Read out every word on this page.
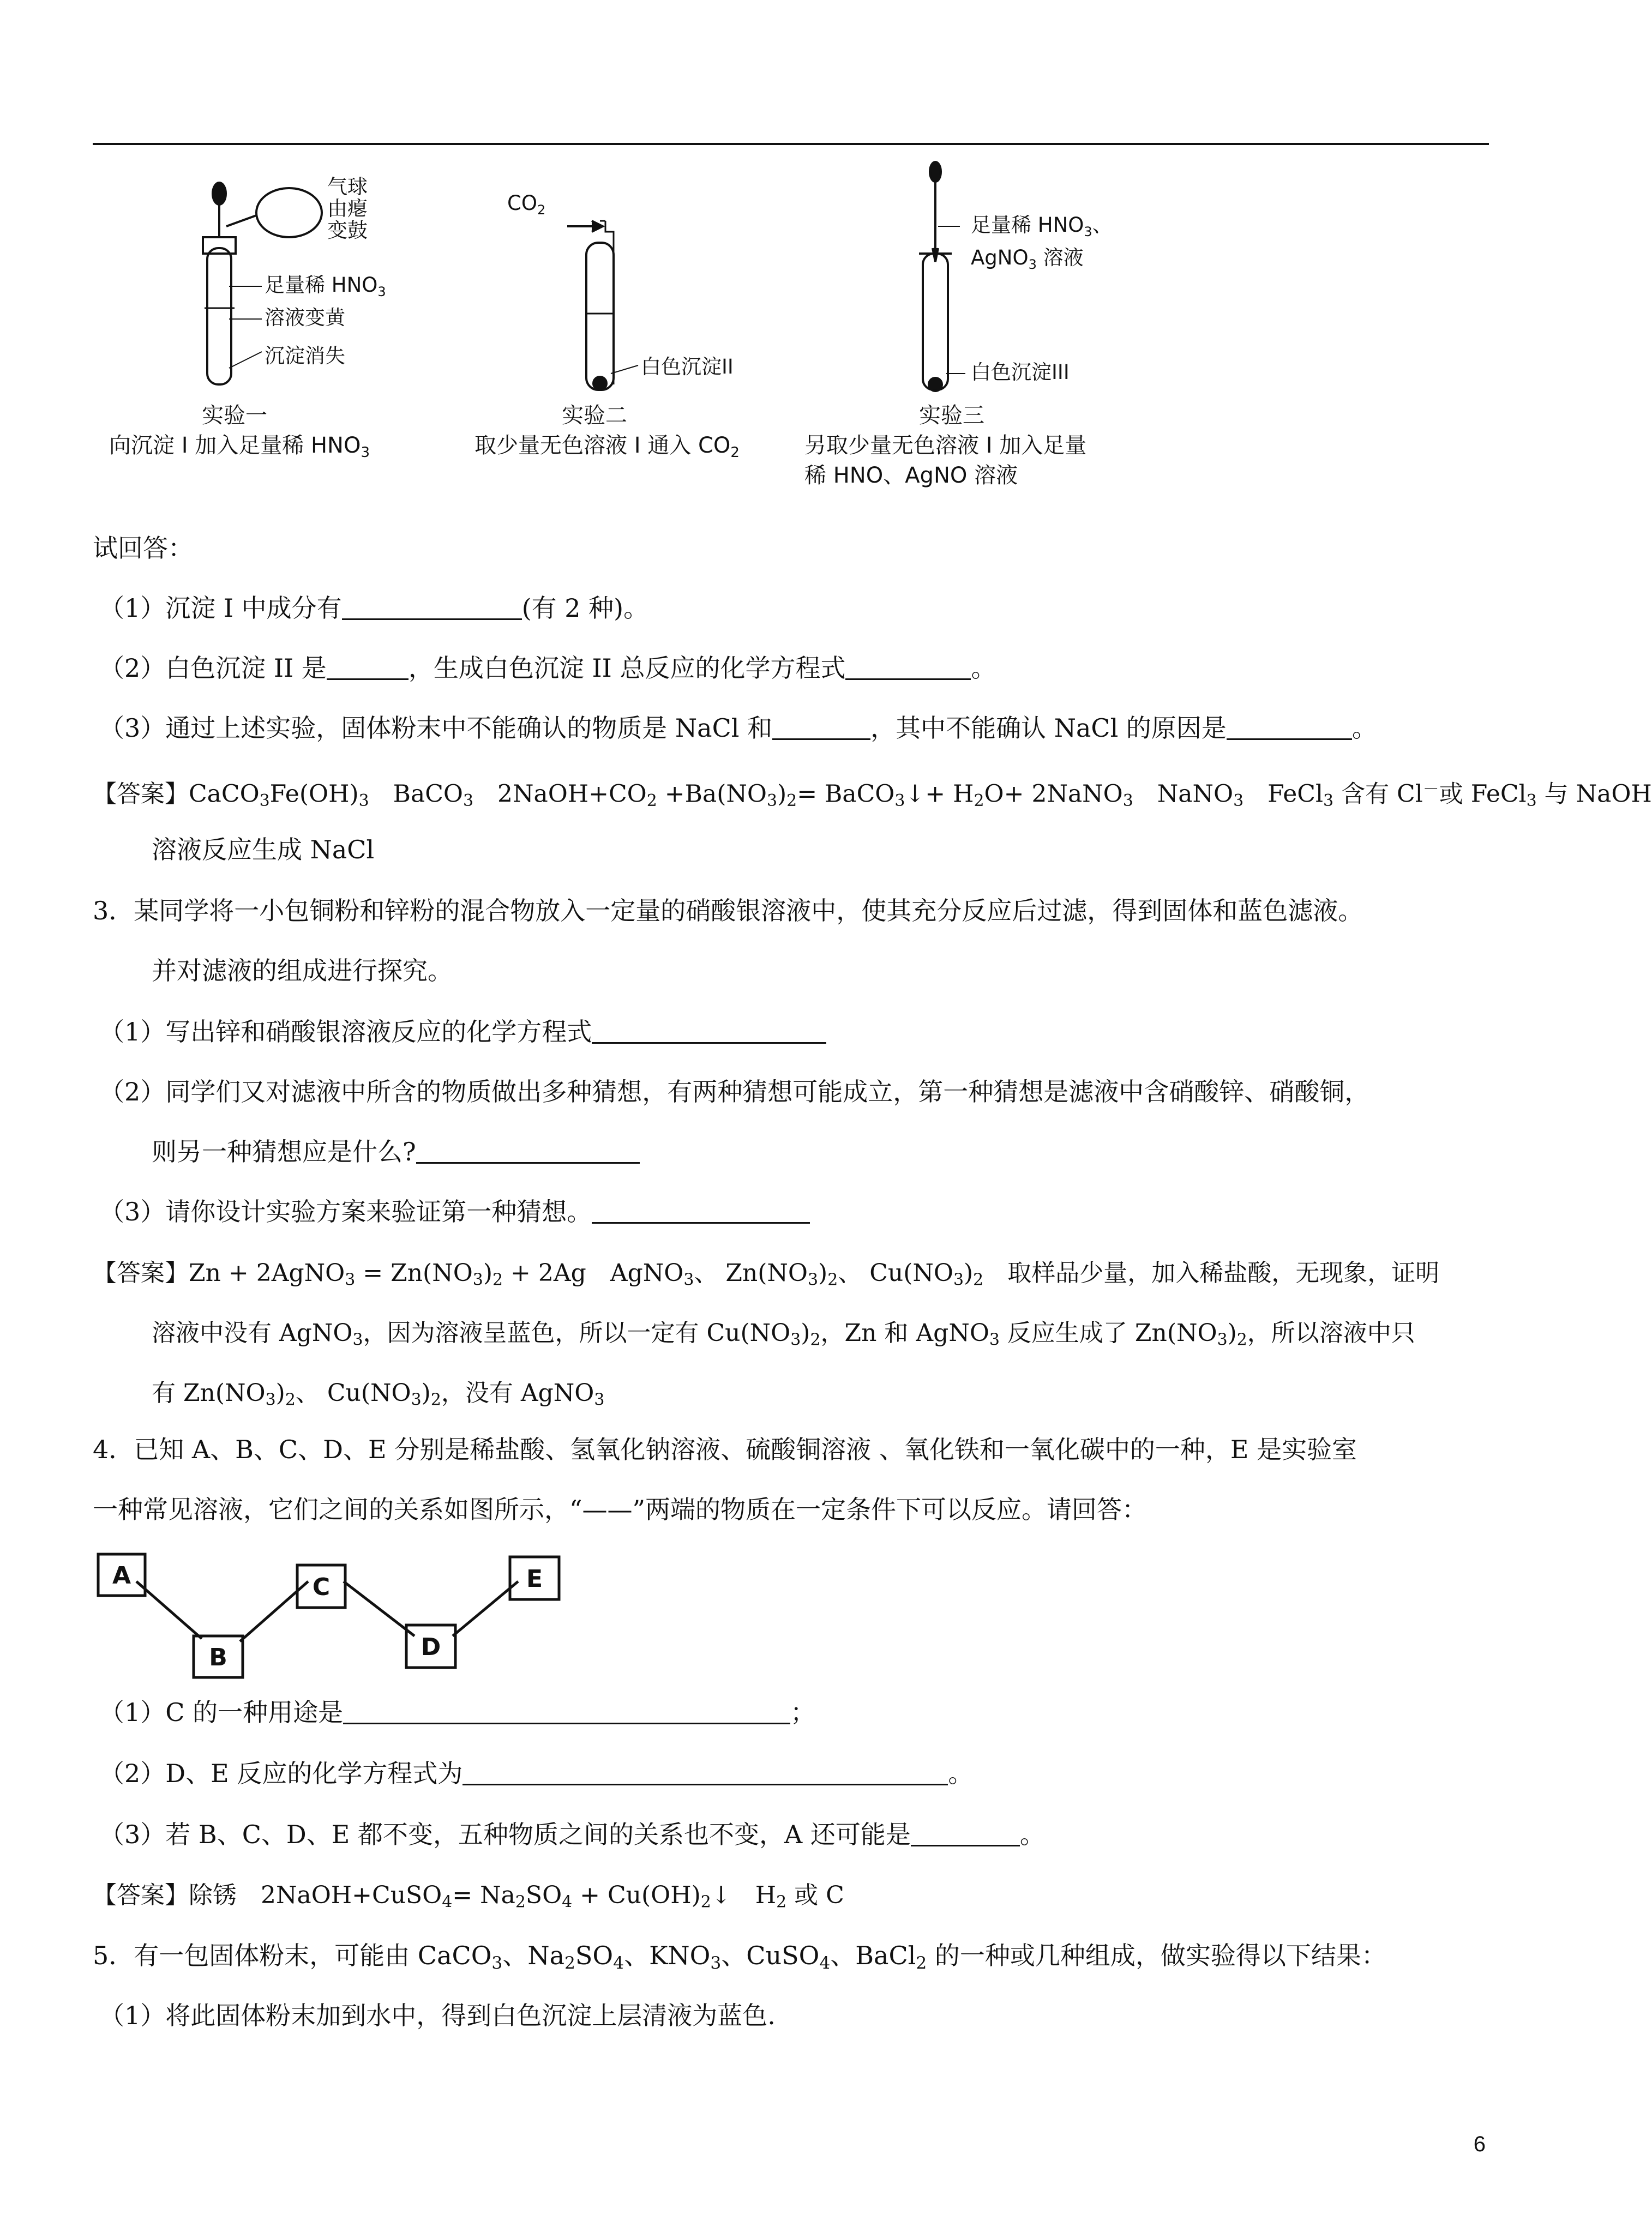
气球
由瘪
变鼓
足量稀 $HNO_3$
溶液变黄
沉淀消失
实验一
向沉淀 I 加入足量稀 $HNO_3$
$CO_2$
白色沉淀II
实验二
取少量无色溶液 I 通入 $CO_2$
足量稀 $HNO_3$、
AgNO$_3$ 溶液
白色沉淀III
实验三
另取少量无色溶液 I 加入足量
稀 HNO、AgNO 溶液
试回答：
（1）沉淀 I 中成分有	(有 2 种)。
（2）白色沉淀 II 是	，生成白色沉淀 II 总反应的化学方程式	。
（3）通过上述实验，固体粉末中不能确认的物质是 NaCl 和	，其中不能确认 NaCl 的原因是	。
【答案】$CaCO_3Fe(OH)_3$　BaCO$_3$　$2NaOH+CO_2 +Ba(NO_3)_2=$ BaCO$_3$↓+ $H_2O+$ 2NaNO$_3$　NaNO$_3$　FeCl$_3$ 含有 Cl－或 FeCl$_3$ 与 NaOH
溶液反应生成 NaCl
3．某同学将一小包铜粉和锌粉的混合物放入一定量的硝酸银溶液中，使其充分反应后过滤，得到固体和蓝色滤液。
并对滤液的组成进行探究。
（1）写出锌和硝酸银溶液反应的化学方程式
（2）同学们又对滤液中所含的物质做出多种猜想，有两种猜想可能成立，第一种猜想是滤液中含硝酸锌、硝酸铜，
则另一种猜想应是什么?
（3）请你设计实验方案来验证第一种猜想。
【答案】Zn + 2AgNO$_3$ = $Zn(NO_3)_2 + 2Ag$　AgNO$_3$、 $Zn(NO_3)_2$、 $Cu(NO_3)_2$　取样品少量，加入稀盐酸，无现象，证明
溶液中没有 AgNO$_3$，因为溶液呈蓝色，所以一定有 $Cu(NO_3)_2$，Zn 和 AgNO$_3$ 反应生成了 $Zn(NO_3)_2$，所以溶液中只
有 $Zn(NO_3)_2$、 $Cu(NO_3)_2$，没有 AgNO$_3$
4．已知 A、B、C、D、E 分别是稀盐酸、氢氧化钠溶液、硫酸铜溶液 、氧化铁和一氧化碳中的一种，E 是实验室
一种常见溶液，它们之间的关系如图所示，“——”两端的物质在一定条件下可以反应。请回答：
A
B
C
D
E
（1）C 的一种用途是	；
（2）D、E 反应的化学方程式为	。
（3）若 B、C、D、E 都不变，五种物质之间的关系也不变，A 还可能是	。
【答案】除锈　2NaOH+CuSO$_4$= $Na_2SO_4$ + $Cu(OH)_2↓$　$H_2$ 或 C
5．有一包固体粉末，可能由 CaCO$_3$、$Na_2SO_4$、$KNO_3$、CuSO$_4$、BaCl$_2$ 的一种或几种组成，做实验得以下结果：
（1）将此固体粉末加到水中，得到白色沉淀上层清液为蓝色.
6
